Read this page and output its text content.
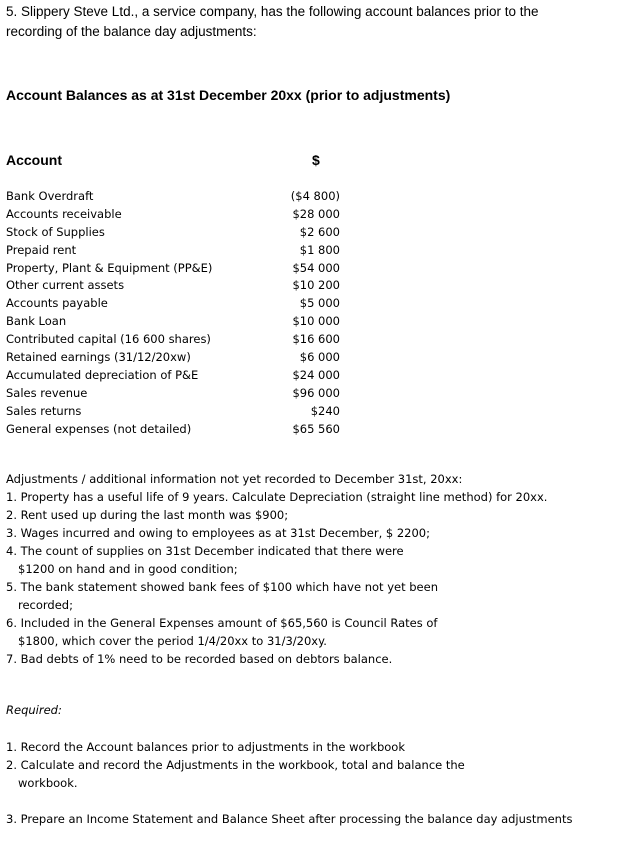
5. Slippery Steve Ltd., a service company, has the following account balances prior to the
recording of the balance day adjustments:
Account Balances as at 31st December 20xx (prior to adjustments)
Account	$
Bank Overdraft	($4 800)
Accounts receivable	$28 000
Stock of Supplies	$2 600
Prepaid rent	$1 800
Property, Plant & Equipment (PP&E)	$54 000
Other current assets	$10 200
Accounts payable	$5 000
Bank Loan	$10 000
Contributed capital (16 600 shares)	$16 600
Retained earnings (31/12/20xw)	$6 000
Accumulated depreciation of P&E	$24 000
Sales revenue	$96 000
Sales returns	$240
General expenses (not detailed)	$65 560
Adjustments / additional information not yet recorded to December 31st, 20xx:
1. Property has a useful life of 9 years. Calculate Depreciation (straight line method) for 20xx.
2. Rent used up during the last month was $900;
3. Wages incurred and owing to employees as at 31st December, $ 2200;
4. The count of supplies on 31st December indicated that there were
$1200 on hand and in good condition;
5. The bank statement showed bank fees of $100 which have not yet been
recorded;
6. Included in the General Expenses amount of $65,560 is Council Rates of
$1800, which cover the period 1/4/20xx to 31/3/20xy.
7. Bad debts of 1% need to be recorded based on debtors balance.
Required:
1. Record the Account balances prior to adjustments in the workbook
2. Calculate and record the Adjustments in the workbook, total and balance the
workbook.
3. Prepare an Income Statement and Balance Sheet after processing the balance day adjustments
